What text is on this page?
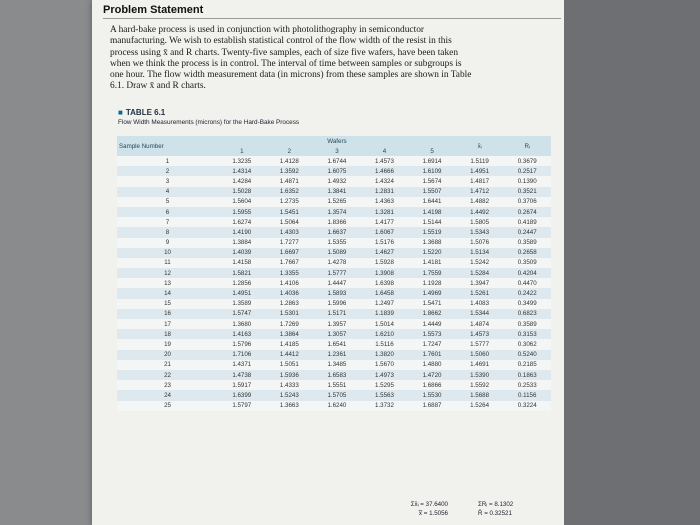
Problem Statement
A hard-bake process is used in conjunction with photolithography in semiconductor
manufacturing. We wish to establish statistical control of the flow width of the resist in this
process using x̄ and R charts. Twenty-five samples, each of size five wafers, have been taken
when we think the process is in control. The interval of time between samples or subgroups is
one hour. The flow width measurement data (in microns) from these samples are shown in Table
6.1. Draw x̄ and R charts.
■ TABLE 6.1
Flow Width Measurements (microns) for the Hard-Bake Process
Sample Number	Wafers					x̄ᵢ	Rᵢ
	1	2	3	4	5		
1	1.3235	1.4128	1.6744	1.4573	1.6914	1.5119	0.3679
2	1.4314	1.3592	1.6075	1.4666	1.6109	1.4951	0.2517
3	1.4284	1.4871	1.4932	1.4324	1.5674	1.4817	0.1390
4	1.5028	1.6352	1.3841	1.2831	1.5507	1.4712	0.3521
5	1.5604	1.2735	1.5265	1.4363	1.6441	1.4882	0.3706
6	1.5955	1.5451	1.3574	1.3281	1.4198	1.4492	0.2674
7	1.6274	1.5064	1.8366	1.4177	1.5144	1.5805	0.4189
8	1.4190	1.4303	1.6637	1.6067	1.5519	1.5343	0.2447
9	1.3884	1.7277	1.5355	1.5176	1.3688	1.5076	0.3589
10	1.4039	1.6697	1.5089	1.4627	1.5220	1.5134	0.2658
11	1.4158	1.7667	1.4278	1.5928	1.4181	1.5242	0.3509
12	1.5821	1.3355	1.5777	1.3908	1.7559	1.5284	0.4204
13	1.2856	1.4106	1.4447	1.6398	1.1928	1.3947	0.4470
14	1.4951	1.4036	1.5893	1.6458	1.4969	1.5261	0.2422
15	1.3589	1.2863	1.5996	1.2497	1.5471	1.4083	0.3499
16	1.5747	1.5301	1.5171	1.1839	1.8662	1.5344	0.6823
17	1.3680	1.7269	1.3957	1.5014	1.4449	1.4874	0.3589
18	1.4163	1.3864	1.3057	1.6210	1.5573	1.4573	0.3153
19	1.5796	1.4185	1.6541	1.5116	1.7247	1.5777	0.3062
20	1.7106	1.4412	1.2361	1.3820	1.7601	1.5060	0.5240
21	1.4371	1.5051	1.3485	1.5670	1.4880	1.4691	0.2185
22	1.4738	1.5936	1.6583	1.4973	1.4720	1.5390	0.1863
23	1.5917	1.4333	1.5551	1.5295	1.6866	1.5592	0.2533
24	1.6399	1.5243	1.5705	1.5563	1.5530	1.5688	0.1156
25	1.5797	1.3663	1.6240	1.3732	1.6887	1.5264	0.3224
Σx̄ᵢ = 37.6400	ΣRᵢ = 8.1302
x̿ = 1.5056	R̄ = 0.32521
